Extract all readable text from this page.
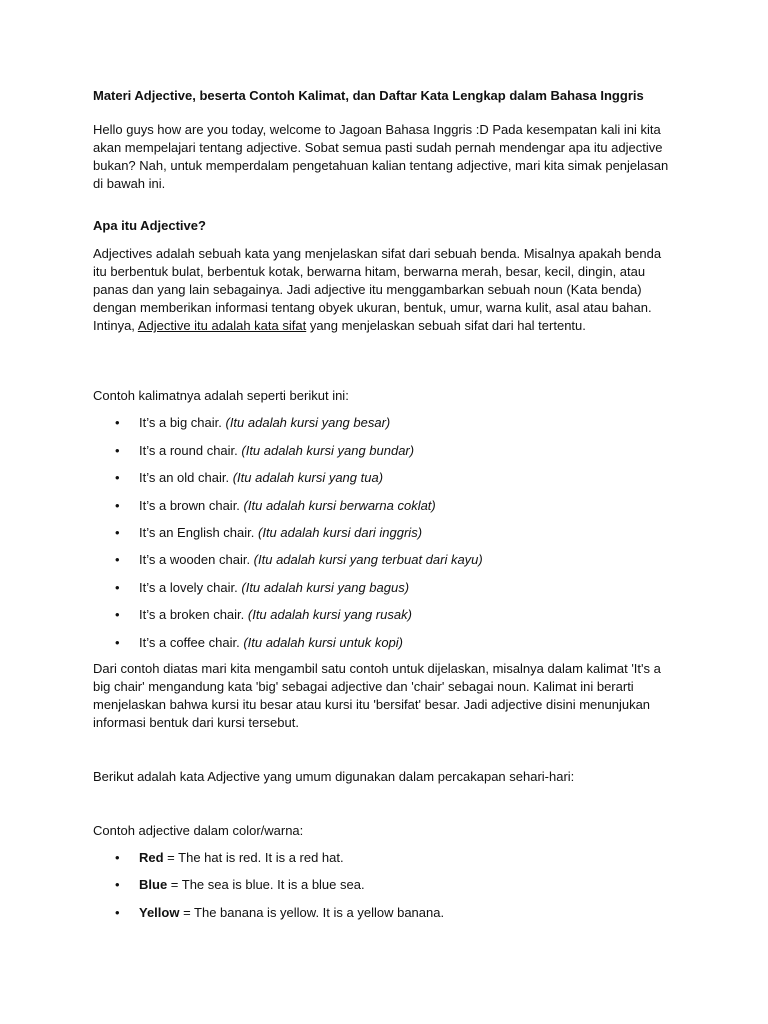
Materi Adjective, beserta Contoh Kalimat, dan Daftar Kata Lengkap dalam Bahasa Inggris

Hello guys how are you today, welcome to Jagoan Bahasa Inggris :D Pada kesempatan kali ini kita akan mempelajari tentang adjective. Sobat semua pasti sudah pernah mendengar apa itu adjective bukan? Nah, untuk memperdalam pengetahuan kalian tentang adjective, mari kita simak penjelasan di bawah ini.

Apa itu Adjective?

Adjectives adalah sebuah kata yang menjelaskan sifat dari sebuah benda. Misalnya apakah benda itu berbentuk bulat, berbentuk kotak, berwarna hitam, berwarna merah, besar, kecil, dingin, atau panas dan yang lain sebagainya. Jadi adjective itu menggambarkan sebuah noun (Kata benda) dengan memberikan informasi tentang obyek ukuran, bentuk, umur, warna kulit, asal atau bahan. Intinya, Adjective itu adalah kata sifat yang menjelaskan sebuah sifat dari hal tertentu.

Contoh kalimatnya adalah seperti berikut ini:

• It’s a big chair. (Itu adalah kursi yang besar)
• It’s a round chair. (Itu adalah kursi yang bundar)
• It’s an old chair. (Itu adalah kursi yang tua)
• It’s a brown chair. (Itu adalah kursi berwarna coklat)
• It’s an English chair. (Itu adalah kursi dari inggris)
• It’s a wooden chair. (Itu adalah kursi yang terbuat dari kayu)
• It’s a lovely chair. (Itu adalah kursi yang bagus)
• It’s a broken chair. (Itu adalah kursi yang rusak)
• It’s a coffee chair. (Itu adalah kursi untuk kopi)

Dari contoh diatas mari kita mengambil satu contoh untuk dijelaskan, misalnya dalam kalimat 'It's a big chair' mengandung kata 'big' sebagai adjective dan 'chair' sebagai noun. Kalimat ini berarti menjelaskan bahwa kursi itu besar atau kursi itu 'bersifat' besar. Jadi adjective disini menunjukan informasi bentuk dari kursi tersebut.

Berikut adalah kata Adjective yang umum digunakan dalam percakapan sehari-hari:

Contoh adjective dalam color/warna:

• Red = The hat is red. It is a red hat.
• Blue = The sea is blue. It is a blue sea.
• Yellow = The banana is yellow. It is a yellow banana.
